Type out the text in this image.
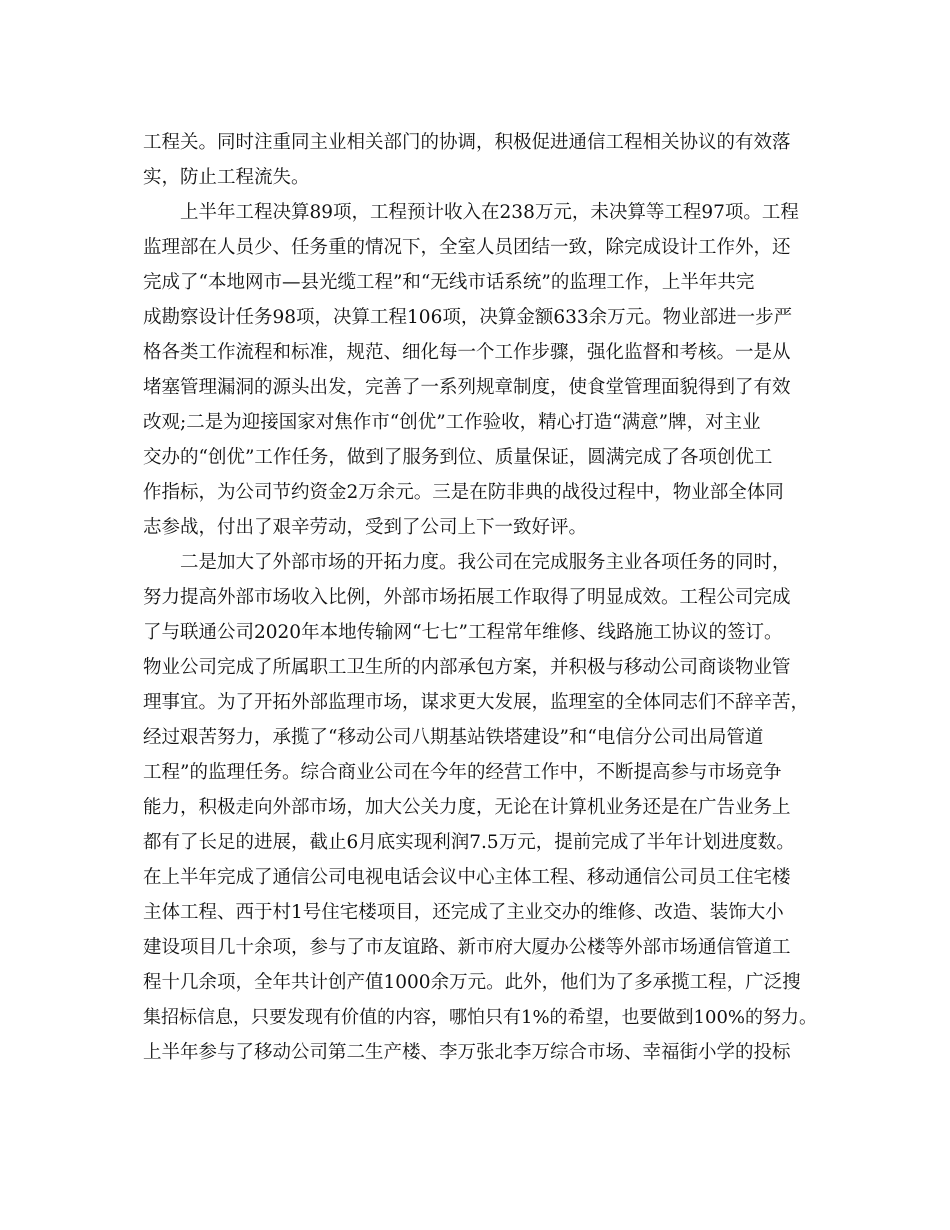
工程关。同时注重同主业相关部门的协调，积极促进通信工程相关协议的有效落
实，防止工程流失。
上半年工程决算89项，工程预计收入在238万元，未决算等工程97项。工程
监理部在人员少、任务重的情况下，全室人员团结一致，除完成设计工作外，还
完成了“本地网市—县光缆工程”和“无线市话系统”的监理工作，上半年共完
成勘察设计任务98项，决算工程106项，决算金额633余万元。物业部进一步严
格各类工作流程和标准，规范、细化每一个工作步骤，强化监督和考核。一是从
堵塞管理漏洞的源头出发，完善了一系列规章制度，使食堂管理面貌得到了有效
改观;二是为迎接国家对焦作市“创优”工作验收，精心打造“满意”牌，对主业
交办的“创优”工作任务，做到了服务到位、质量保证，圆满完成了各项创优工
作指标，为公司节约资金2万余元。三是在防非典的战役过程中，物业部全体同
志参战，付出了艰辛劳动，受到了公司上下一致好评。
二是加大了外部市场的开拓力度。我公司在完成服务主业各项任务的同时，
努力提高外部市场收入比例，外部市场拓展工作取得了明显成效。工程公司完成
了与联通公司2020年本地传输网“七七”工程常年维修、线路施工协议的签订。
物业公司完成了所属职工卫生所的内部承包方案，并积极与移动公司商谈物业管
理事宜。为了开拓外部监理市场，谋求更大发展，监理室的全体同志们不辞辛苦，
经过艰苦努力，承揽了“移动公司八期基站铁塔建设”和“电信分公司出局管道
工程”的监理任务。综合商业公司在今年的经营工作中，不断提高参与市场竞争
能力，积极走向外部市场，加大公关力度，无论在计算机业务还是在广告业务上
都有了长足的进展，截止6月底实现利润7.5万元，提前完成了半年计划进度数。
在上半年完成了通信公司电视电话会议中心主体工程、移动通信公司员工住宅楼
主体工程、西于村1号住宅楼项目，还完成了主业交办的维修、改造、装饰大小
建设项目几十余项，参与了市友谊路、新市府大厦办公楼等外部市场通信管道工
程十几余项，全年共计创产值1000余万元。此外，他们为了多承揽工程，广泛搜
集招标信息，只要发现有价值的内容，哪怕只有1%的希望，也要做到100%的努力。
上半年参与了移动公司第二生产楼、李万张北李万综合市场、幸福街小学的投标
